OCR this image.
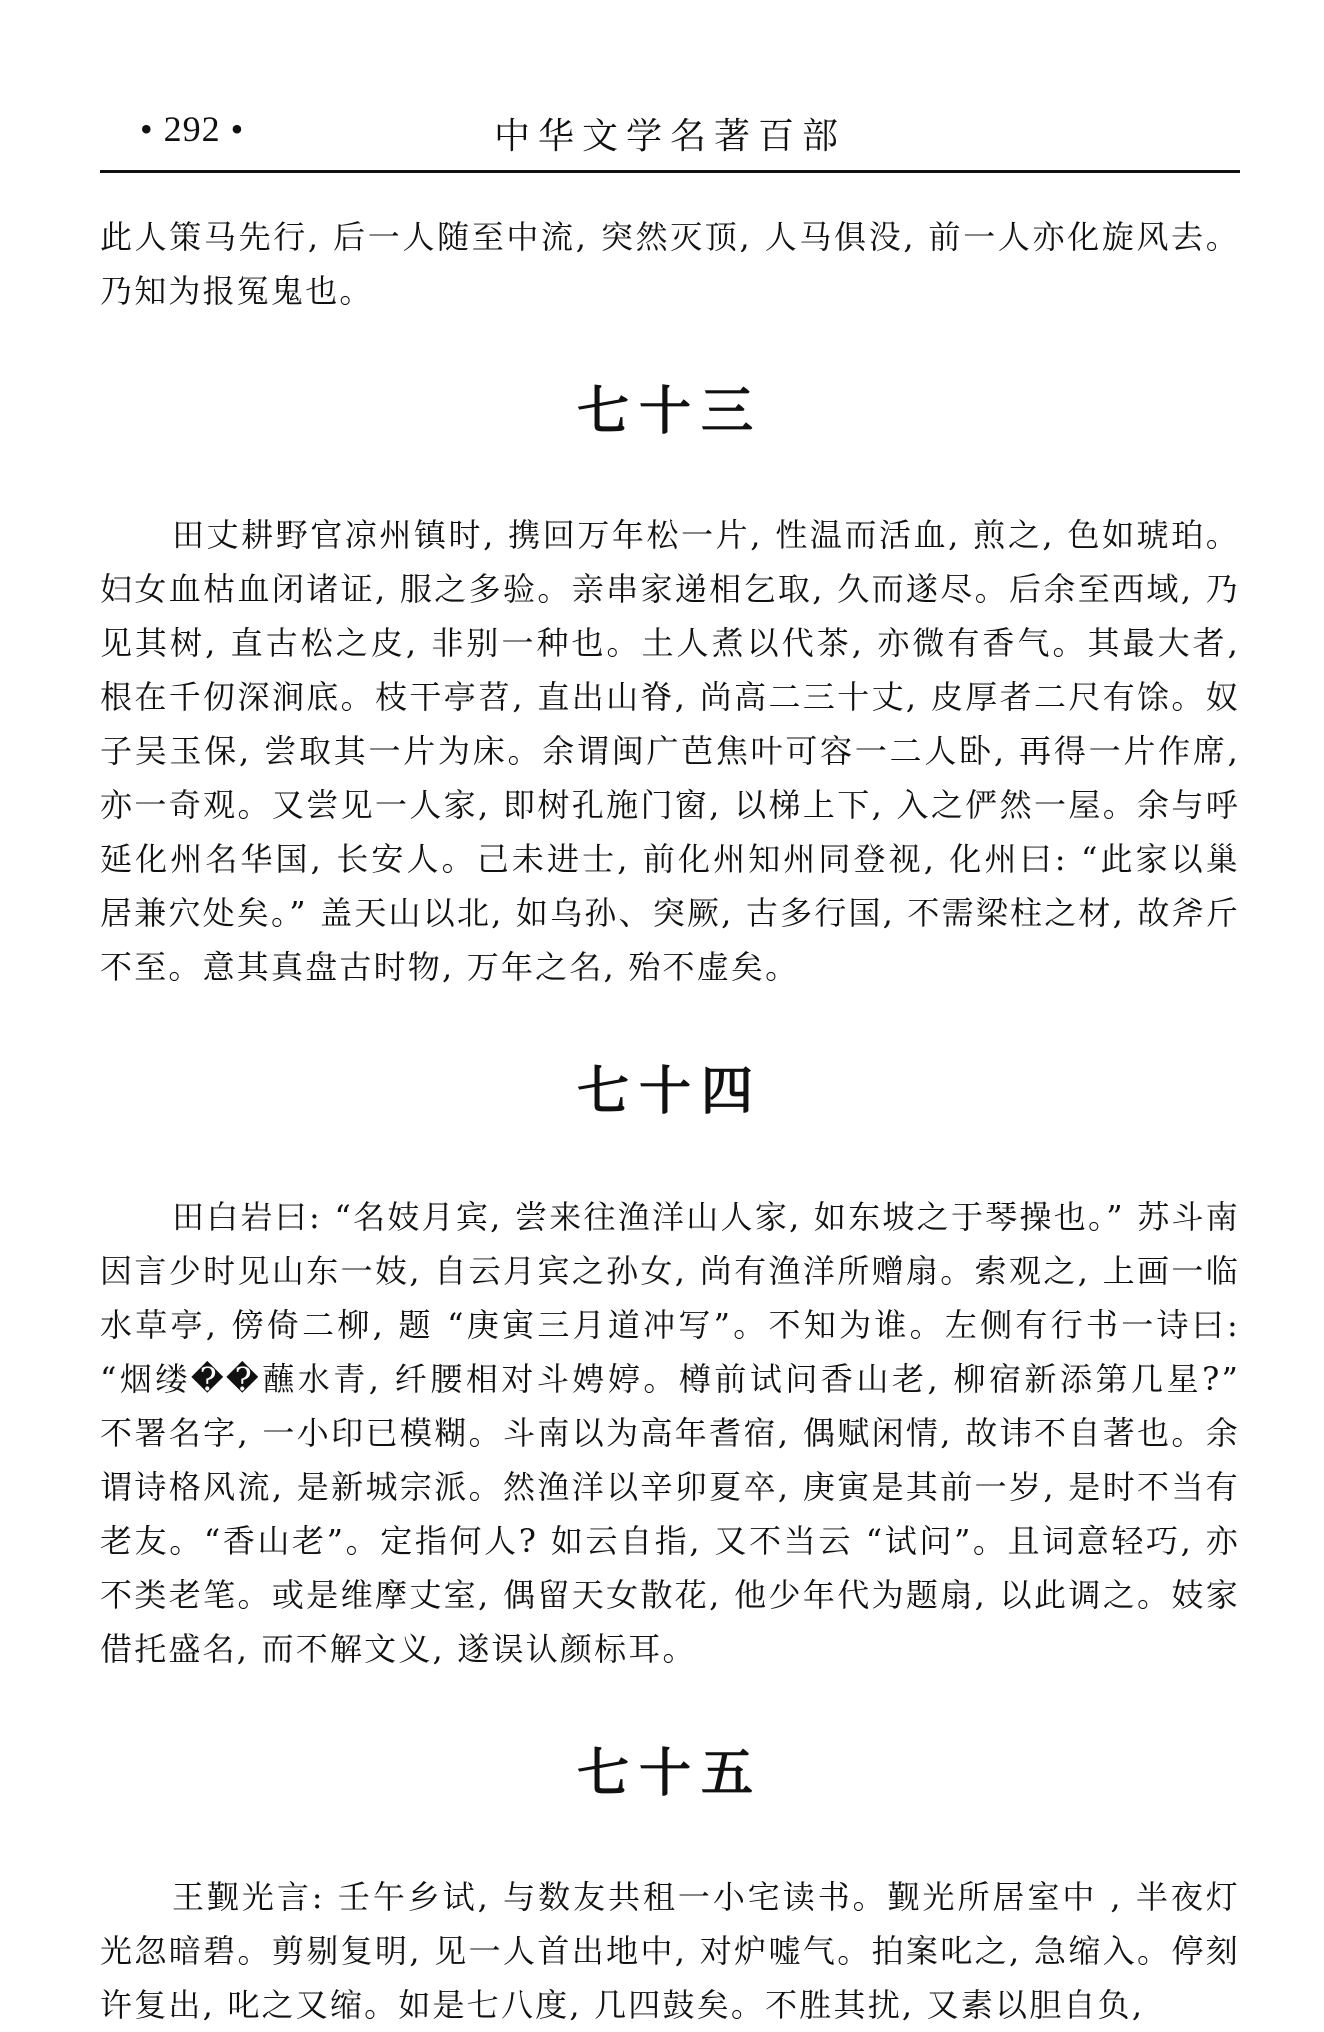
• 292 •	中华文学名著百部

此人策马先行, 后一人随至中流, 突然灭顶, 人马俱没, 前一人亦化旋风去。乃知为报冤鬼也。

七十三

田丈耕野官凉州镇时, 携回万年松一片, 性温而活血, 煎之, 色如琥珀。妇女血枯血闭诸证, 服之多验。亲串家递相乞取, 久而遂尽。后余至西域, 乃见其树, 直古松之皮, 非别一种也。土人煮以代茶, 亦微有香气。其最大者, 根在千仞深涧底。枝干亭苕, 直出山脊, 尚高二三十丈, 皮厚者二尺有馀。奴子吴玉保, 尝取其一片为床。余谓闽广芭焦叶可容一二人卧, 再得一片作席, 亦一奇观。又尝见一人家, 即树孔施门窗, 以梯上下, 入之俨然一屋。余与呼延化州名华国, 长安人。己未进士, 前化州知州同登视, 化州曰: “此家以巢居兼穴处矣。” 盖天山以北, 如乌孙、突厥, 古多行国, 不需梁柱之材, 故斧斤不至。意其真盘古时物, 万年之名, 殆不虚矣。

七十四

田白岩曰: “名妓月宾, 尝来往渔洋山人家, 如东坡之于琴操也。” 苏斗南因言少时见山东一妓, 自云月宾之孙女, 尚有渔洋所赠扇。索观之, 上画一临水草亭, 傍倚二柳, 题 “庚寅三月道冲写”。不知为谁。左侧有行书一诗曰: “烟缕��蘸水青, 纤腰相对斗娉婷。樽前试问香山老, 柳宿新添第几星?” 不署名字, 一小印已模糊。斗南以为高年耆宿, 偶赋闲情, 故讳不自著也。余谓诗格风流, 是新城宗派。然渔洋以辛卯夏卒, 庚寅是其前一岁, 是时不当有老友。“香山老”。定指何人? 如云自指, 又不当云 “试问”。且词意轻巧, 亦不类老笔。或是维摩丈室, 偶留天女散花, 他少年代为题扇, 以此调之。妓家借托盛名, 而不解文义, 遂误认颜标耳。

七十五

王觐光言: 壬午乡试, 与数友共租一小宅读书。觐光所居室中 , 半夜灯光忽暗碧。剪剔复明, 见一人首出地中, 对炉嘘气。拍案叱之, 急缩入。停刻许复出, 叱之又缩。如是七八度, 几四鼓矣。不胜其扰, 又素以胆自负,
